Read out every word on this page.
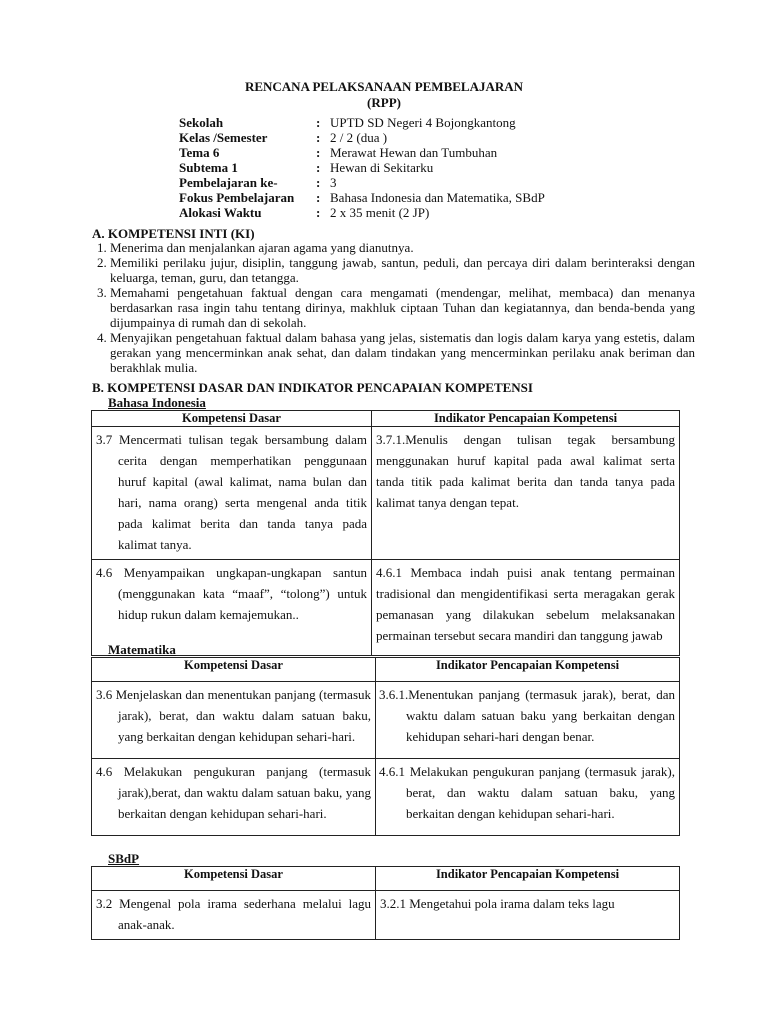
RENCANA PELAKSANAAN PEMBELAJARAN
(RPP)
Sekolah	: UPTD SD Negeri 4 Bojongkantong
Kelas /Semester	: 2 / 2 (dua )
Tema 6	: Merawat Hewan dan Tumbuhan
Subtema 1	: Hewan di Sekitarku
Pembelajaran ke-	: 3
Fokus Pembelajaran	: Bahasa Indonesia dan Matematika, SBdP
Alokasi Waktu	: 2 x 35 menit (2 JP)
A. KOMPETENSI INTI (KI)
1. Menerima dan menjalankan ajaran agama yang dianutnya.
2. Memiliki perilaku jujur, disiplin, tanggung jawab, santun, peduli, dan percaya diri dalam berinteraksi dengan keluarga, teman, guru, dan tetangga.
3. Memahami pengetahuan faktual dengan cara mengamati (mendengar, melihat, membaca) dan menanya berdasarkan rasa ingin tahu tentang dirinya, makhluk ciptaan Tuhan dan kegiatannya, dan benda-benda yang dijumpainya di rumah dan di sekolah.
4. Menyajikan pengetahuan faktual dalam bahasa yang jelas, sistematis dan logis dalam karya yang estetis, dalam gerakan yang mencerminkan anak sehat, dan dalam tindakan yang mencerminkan perilaku anak beriman dan berakhlak mulia.
B. KOMPETENSI DASAR DAN INDIKATOR PENCAPAIAN KOMPETENSI
Bahasa Indonesia
Kompetensi Dasar	Indikator Pencapaian Kompetensi

3.7 Mencermati tulisan tegak bersambung dalam cerita dengan memperhatikan penggunaan huruf kapital (awal kalimat, nama bulan dan hari, nama orang) serta mengenal anda titik pada kalimat berita dan tanda tanya pada kalimat tanya.	3.7.1.Menulis dengan tulisan tegak bersambung menggunakan huruf kapital pada awal kalimat serta tanda titik pada kalimat berita dan tanda tanya pada kalimat tanya dengan tepat.

4.6 Menyampaikan ungkapan-ungkapan santun (menggunakan kata “maaf”, “tolong”) untuk hidup rukun dalam kemajemukan..	4.6.1 Membaca indah puisi anak tentang permainan tradisional dan mengidentifikasi serta meragakan gerak pemanasan yang dilakukan sebelum melaksanakan permainan tersebut secara mandiri dan tanggung jawab
Matematika
Kompetensi Dasar	Indikator Pencapaian Kompetensi

3.6 Menjelaskan dan menentukan panjang (termasuk jarak), berat, dan waktu dalam satuan baku, yang berkaitan dengan kehidupan sehari-hari.	3.6.1.Menentukan panjang (termasuk jarak), berat, dan waktu dalam satuan baku yang berkaitan dengan kehidupan sehari-hari dengan benar.

4.6 Melakukan pengukuran panjang (termasuk jarak),berat, dan waktu dalam satuan baku, yang berkaitan dengan kehidupan sehari-hari.	4.6.1 Melakukan pengukuran panjang (termasuk jarak), berat, dan waktu dalam satuan baku, yang berkaitan dengan kehidupan sehari-hari.
SBdP
Kompetensi Dasar	Indikator Pencapaian Kompetensi

3.2 Mengenal pola irama sederhana melalui lagu anak-anak.	3.2.1 Mengetahui pola irama dalam teks lagu
